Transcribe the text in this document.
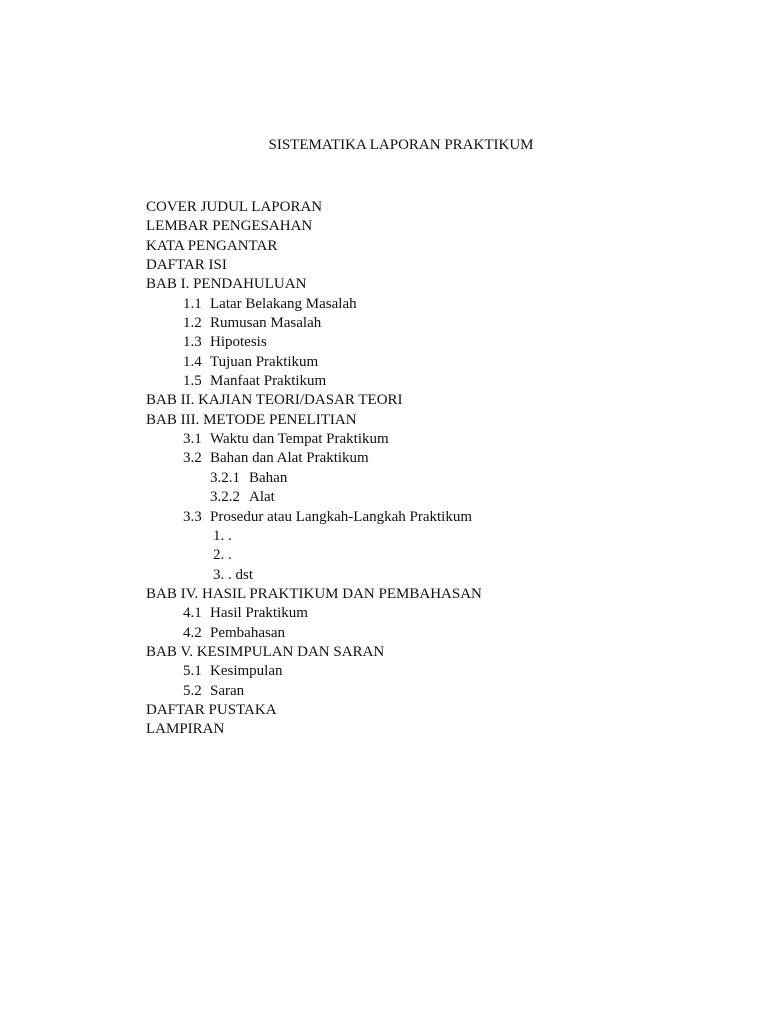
SISTEMATIKA LAPORAN PRAKTIKUM
COVER JUDUL LAPORAN
LEMBAR PENGESAHAN
KATA PENGANTAR
DAFTAR ISI
BAB I. PENDAHULUAN
1.1 Latar Belakang Masalah
1.2 Rumusan Masalah
1.3 Hipotesis
1.4 Tujuan Praktikum
1.5 Manfaat Praktikum
BAB II. KAJIAN TEORI/DASAR TEORI
BAB III. METODE PENELITIAN
3.1 Waktu dan Tempat Praktikum
3.2 Bahan dan Alat Praktikum
3.2.1 Bahan
3.2.2 Alat
3.3 Prosedur atau Langkah-Langkah Praktikum
1. .
2. .
3. . dst
BAB IV. HASIL PRAKTIKUM DAN PEMBAHASAN
4.1 Hasil Praktikum
4.2 Pembahasan
BAB V. KESIMPULAN DAN SARAN
5.1 Kesimpulan
5.2 Saran
DAFTAR PUSTAKA
LAMPIRAN
